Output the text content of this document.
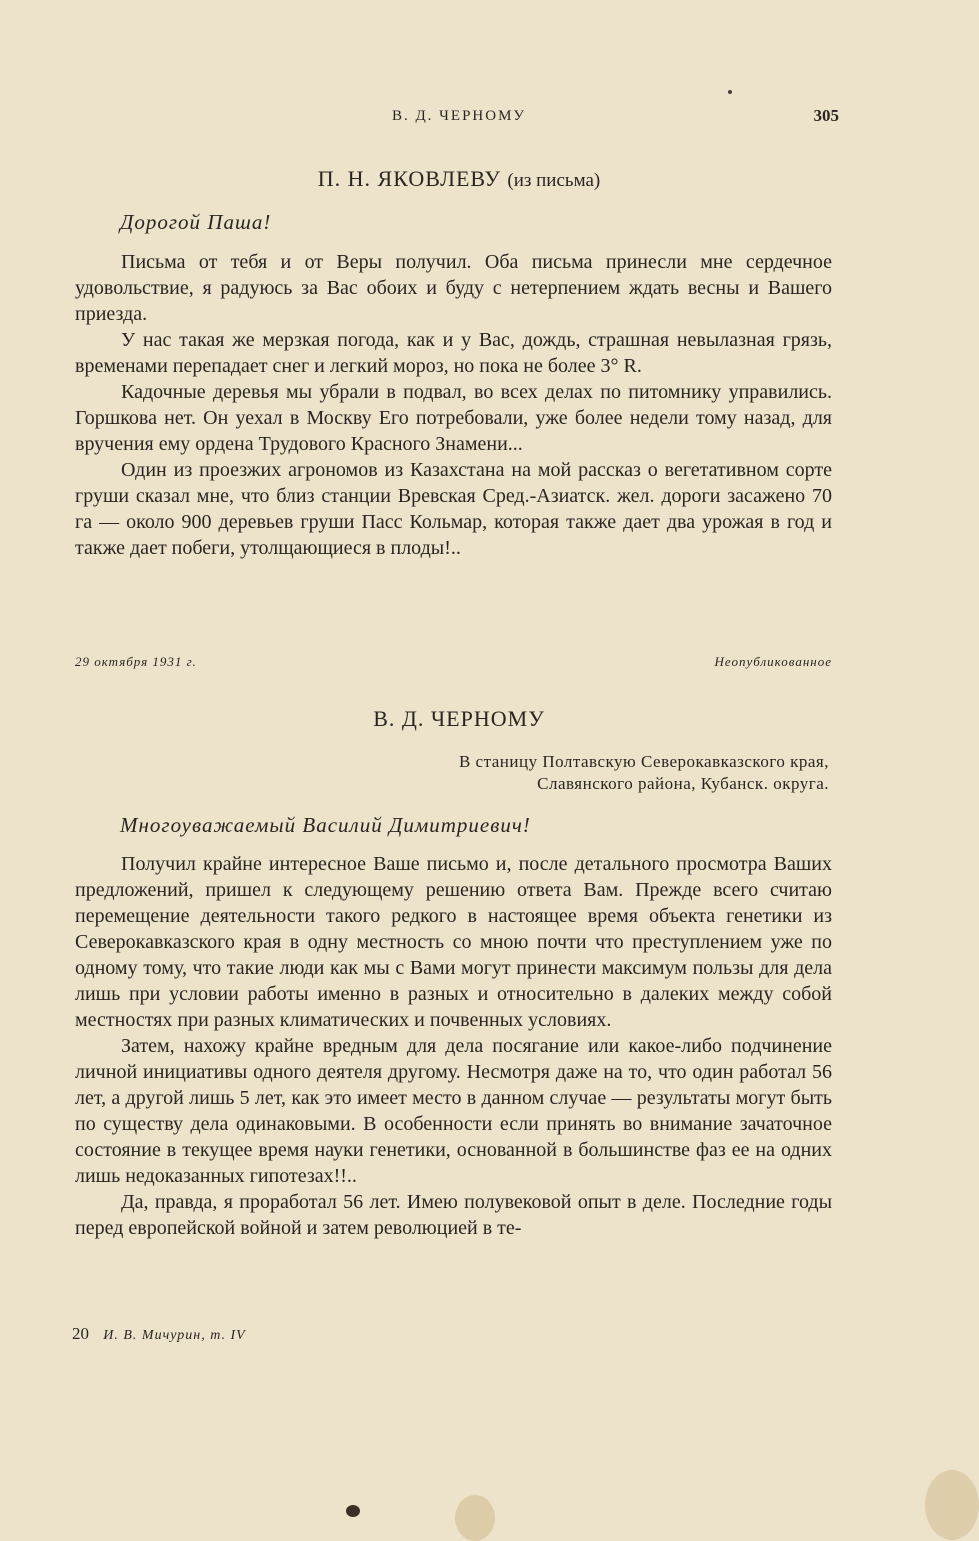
В. Д. ЧЕРНОМУ	305
П. Н. ЯКОВЛЕВУ (из письма)
Дорогой Паша!

Письма от тебя и от Веры получил. Оба письма принесли мне сердечное удовольствие, я радуюсь за Вас обоих и буду с нетерпением ждать весны и Вашего приезда.

У нас такая же мерзкая погода, как и у Вас, дождь, страшная невылазная грязь, временами перепадает снег и легкий мороз, но пока не более 3° R.

Кадочные деревья мы убрали в подвал, во всех делах по питомнику управились. Горшкова нет. Он уехал в Москву Его потребовали, уже более недели тому назад, для вручения ему ордена Трудового Красного Знамени...

Один из проезжих агрономов из Казахстана на мой рассказ о вегетативном сорте груши сказал мне, что близ станции Вревская Сред.-Азиатск. жел. дороги засажено 70 га — около 900 деревьев груши Пасс Кольмар, которая также дает два урожая в год и также дает побеги, утолщающиеся в плоды!..

29 октября 1931 г.	Неопубликованное
В. Д. ЧЕРНОМУ
В станицу Полтавскую Северокавказского края,
Славянского района, Кубанск. округа.
Многоуважаемый Василий Димитриевич!

Получил крайне интересное Ваше письмо и, после детального просмотра Ваших предложений, пришел к следующему решению ответа Вам. Прежде всего считаю перемещение деятельности такого редкого в настоящее время объекта генетики из Северокавказского края в одну местность со мною почти что преступлением уже по одному тому, что такие люди как мы с Вами могут принести максимум пользы для дела лишь при условии работы именно в разных и относительно в далеких между собой местностях при разных климатических и почвенных условиях.

Затем, нахожу крайне вредным для дела посягание или какое-либо подчинение личной инициативы одного деятеля другому. Несмотря даже на то, что один работал 56 лет, а другой лишь 5 лет, как это имеет место в данном случае — результаты могут быть по существу дела одинаковыми. В особенности если принять во внимание зачаточное состояние в текущее время науки генетики, основанной в большинстве фаз ее на одних лишь недоказанных гипотезах!!..

Да, правда, я проработал 56 лет. Имею полувековой опыт в деле. Последние годы перед европейской войной и затем революцией в те-

20 И. В. Мичурин, т. IV
